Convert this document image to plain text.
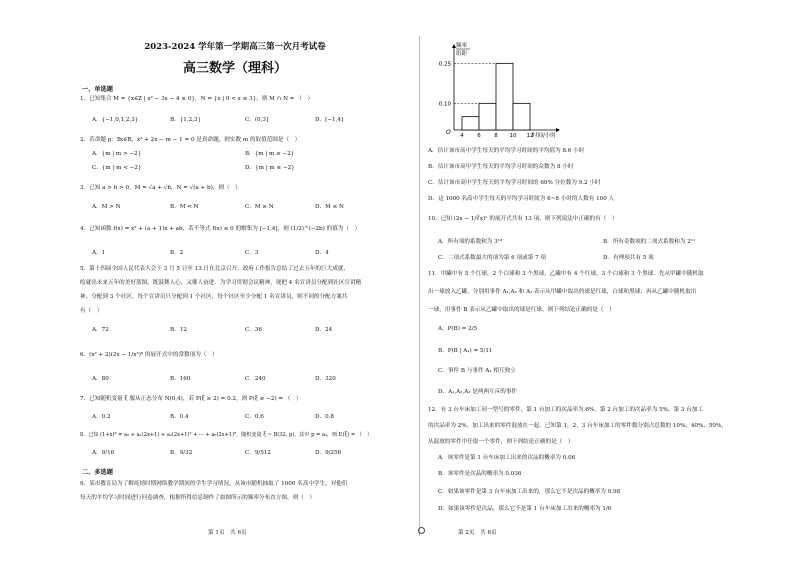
2023-2024 学年第一学期高三第一次月考试卷
高三数学（理科）
一、单选题
1．已知集合 M = {x∈Z | x² − 3x − 4 ≤ 0}，N = {x | 0 < x ≤ 3}，则 M ∩ N = （　）
A．{−1,0,1,2,3}	B．{1,2,3}	C．(0,3]	D．[−1,4]
2．若命题 p：∃x∈R，x² + 2x − m − 1 = 0 是真命题，则实数 m 的取值范围是（　）
A．{m | m > −2}	B．{m | m ≥ −2}
C．{m | m < −2}	D．{m | m ≤ −2}
3．已知 a > b > 0，M = √a + √b，N = √(a + b)，则（　）
A．M > N	B．M < N	C．M ≥ N	D．M ≤ N
4．已知函数 f(x) = x² + (a + 1)x + ab，若不等式 f(x) ≤ 0 的解集为 [−1,4]，则 (1/2)^(−2b) 的值为（　）
A．1	B．2	C．3	D．4
5．第十四届全国人民代表大会于 3 月 5 日至 13 日在北京召开，政府工作报告总结了过去五年的巨大成就，
绘就出未来五年的美好蓝图，既鼓舞人心，又催人奋进．为学习贯彻会议精神，现把 4 名宣讲员分配到社区宣讲精
神，分配到 3 个社区，每个宣讲员只分配到 1 个社区，每个社区至少分配 1 名宣讲员，则不同的分配方案共
有（　）
A．72	B．12	C．36	D．24
6．(x² + 2)(2x − 1/x²)⁶ 的展开式中的常数项为（　）
A．80	B．160	C．240	D．320
7．已知随机变量 ξ 服从正态分布 N(0,4)，若 P(ξ ≥ 2) = 0.2，则 P(ξ ≥ −2) = （　）
A．0.2	B．0.4	C．0.6	D．0.8
8．已知 (1+x)⁸ = a₀ + a₁(2x+1) + a₂(2x+1)² + ··· + a₈(2x+1)⁸，随机变量 ξ ~ B(32, p)，其中 p = a₄，则 E(ξ) = （　）
A．9/16	B．9/32	C．9/512	D．9/256
二、多选题
9．某市教育局为了解疫情时期网络教学期间的学生学习情况，从该市随机抽取了 1000 名高中学生，对他们
每天的平均学习时间进行问卷调查，根据所得信息制作了如图所示的频率分布直方图，则（　）
第 1页　共 6页
频率
组距
O	时间/小时
0.10
0.25
4 6 8 10 12
A．估计该市高中学生每天的平均学习时间的平均值为 8.6 小时
B．估计该市高中学生每天的平均学习时间的众数为 8 小时
C．估计该市高中学生每天的平均学习时间的 60% 分位数为 9.2 小时
D．这 1000 名高中学生每天的平均学习时间为 6~8 小时的人数有 100 人
10．已知 (2x − 1/∛x)ⁿ 的展开式共有 13 项，则下列说法中正确的有（　）
A．所有项的系数和为 3¹²	B．所有奇数项的二项式系数和为 2¹¹
C．二项式系数最大的项为第 6 项或第 7 项	D．有理项共有 5 项
11．甲罐中有 5 个红球，2 个白球和 3 个黑球，乙罐中有 4 个红球，3 个白球和 3 个黑球．先从甲罐中随机取
出一球放入乙罐，分别用事件 A₁,A₂ 和 A₃ 表示从甲罐中取出的球是红球，白球和黑球；再从乙罐中随机取出
一球，用事件 B 表示从乙罐中取出的球是红球，则下列结论正确的是（　）
A．P(B) = 2/5
B．P(B | A₁) = 5/11
C．事件 B 与事件 A₁ 相互独立
D．A₁,A₂,A₃ 是两两互斥的事件
12．有 3 台车床加工同一型号的零件，第 1 台加工的次品率为 6%，第 2 台加工的次品率为 5%，第 3 台加工
的次品率为 2%，加工出来的零件混放在一起．已知第 1，2，3 台车床加工的零件数分别占总数的 10%，40%，50%，
从混放的零件中任取一个零件，则下列结论正确的是（　）
A．该零件是第 1 台车床加工出来的次品的概率为 0.06
B．该零件是次品的概率为 0.036
C．如果该零件是第 3 台车床加工出来的，那么它不是次品的概率为 0.98
D．如果该零件是次品，那么它不是第 1 台车床加工出来的概率为 1/6
第 2页　共 6页
